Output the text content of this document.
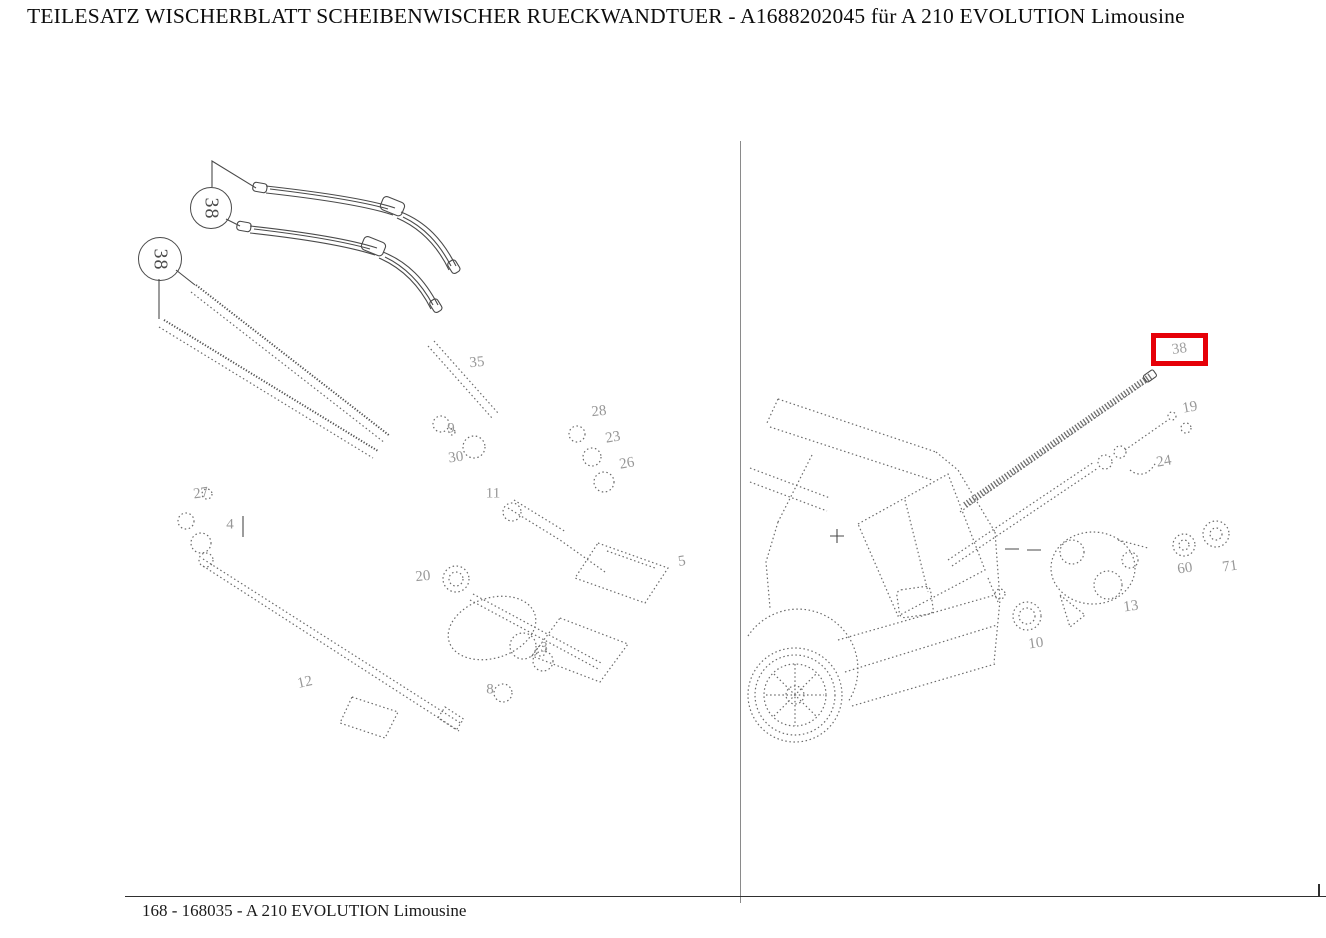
TEILESATZ WISCHERBLATT SCHEIBENWISCHER RUECKWANDTUER - A1688202045 für A 210 EVOLUTION Limousine
38
38
38
35
9
30
28
23
26
11
27
4
20
12	8
3
5
19
24
60 71
13
10
168 - 168035 - A 210 EVOLUTION Limousine
